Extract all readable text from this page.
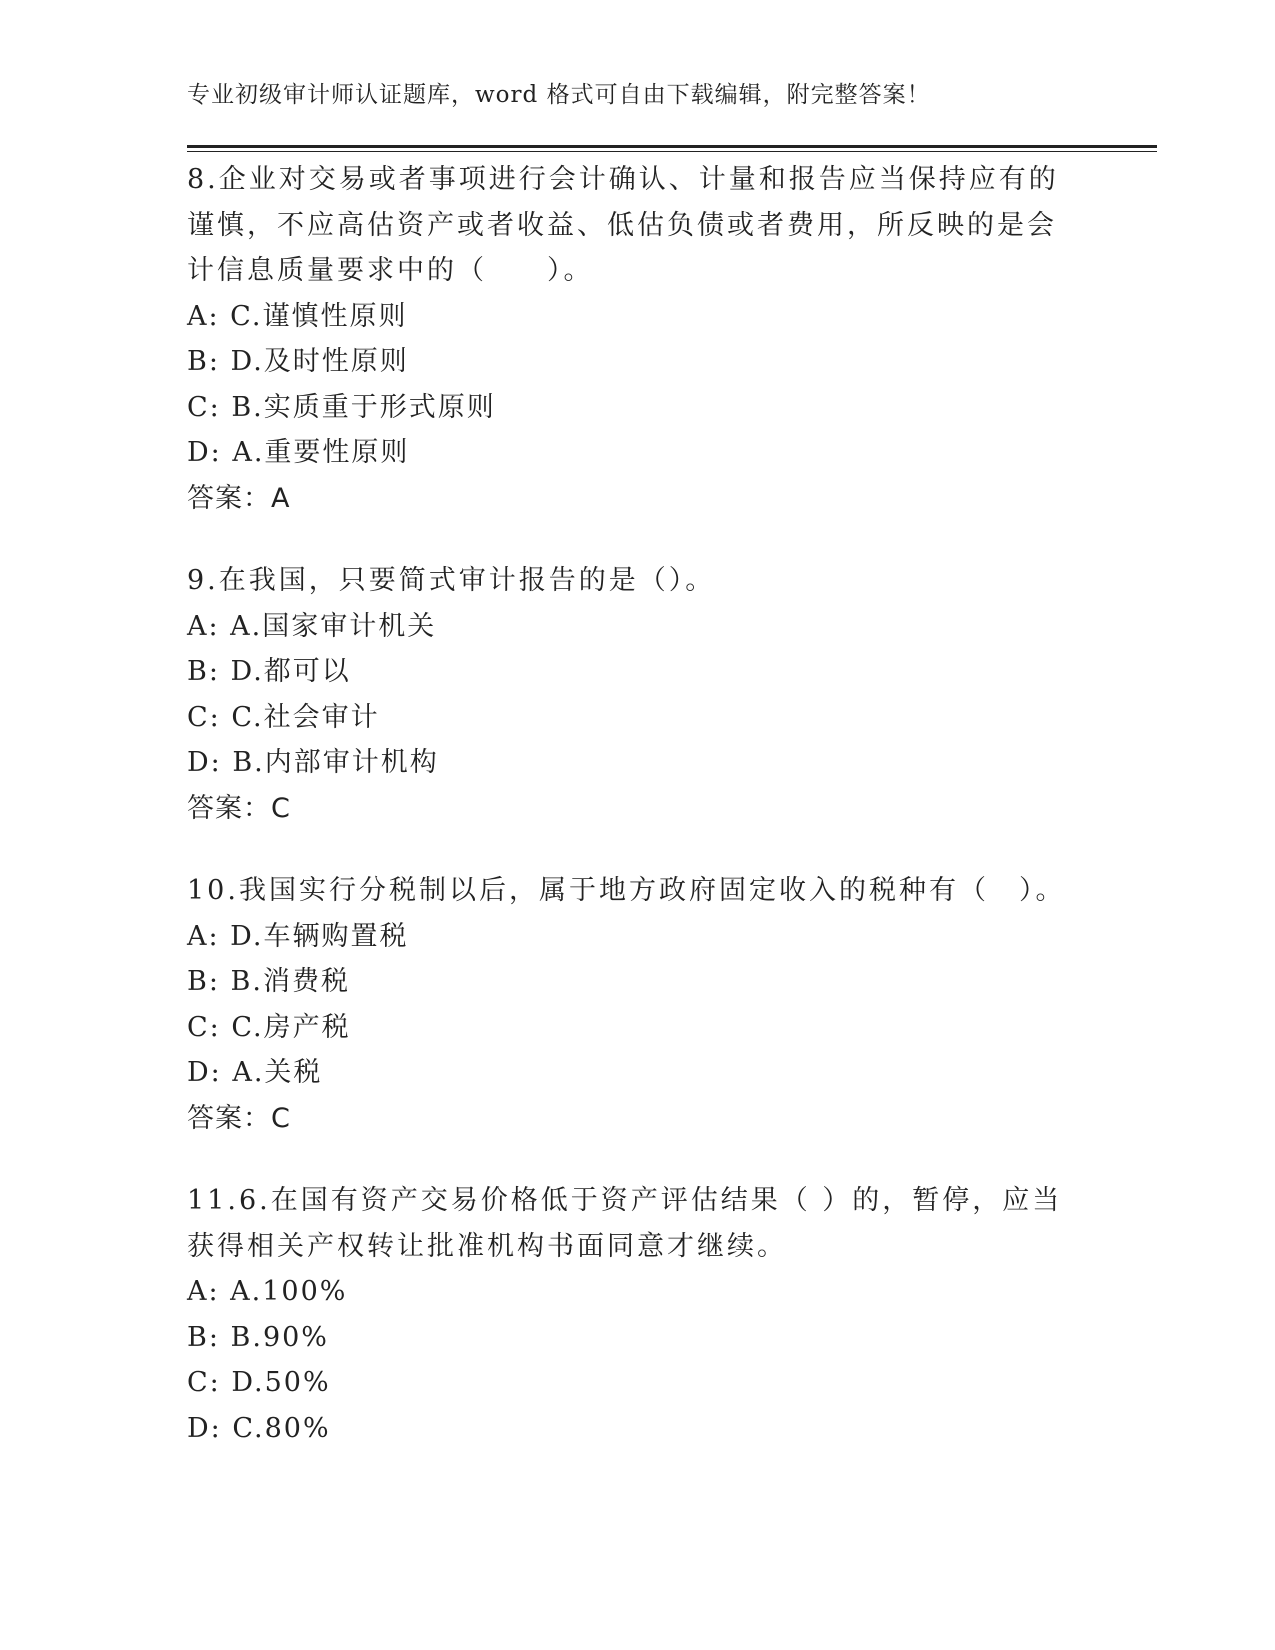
专业初级审计师认证题库，word 格式可自由下载编辑，附完整答案！

8.企业对交易或者事项进行会计确认、计量和报告应当保持应有的谨慎，不应高估资产或者收益、低估负债或者费用，所反映的是会计信息质量要求中的（　　）。

A: C.谨慎性原则
B: D.及时性原则
C: B.实质重于形式原则
D: A.重要性原则
答案：A

9.在我国，只要简式审计报告的是（）。

A: A.国家审计机关
B: D.都可以
C: C.社会审计
D: B.内部审计机构
答案：C

10.我国实行分税制以后，属于地方政府固定收入的税种有（　）。

A: D.车辆购置税
B: B.消费税
C: C.房产税
D: A.关税
答案：C

11.6.在国有资产交易价格低于资产评估结果（ ）的，暂停，应当获得相关产权转让批准机构书面同意才继续。

A: A.100%
B: B.90%
C: D.50%
D: C.80%
